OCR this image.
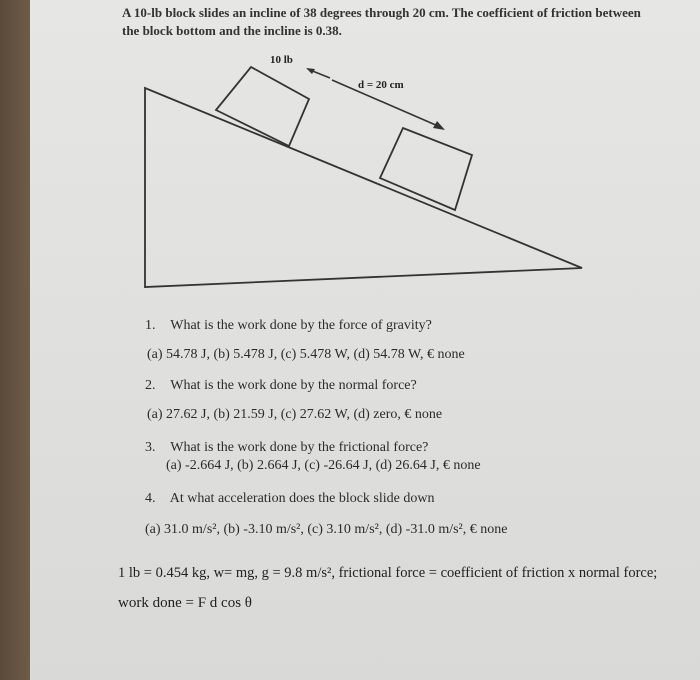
A 10-lb block slides an incline of 38 degrees through 20 cm. The coefficient of friction between the block bottom and the incline is 0.38.
10 lb
d = 20 cm
1. What is the work done by the force of gravity?
(a) 54.78 J, (b) 5.478 J, (c) 5.478 W, (d) 54.78 W, € none
2. What is the work done by the normal force?
(a) 27.62 J, (b) 21.59 J, (c) 27.62 W, (d) zero, € none
3. What is the work done by the frictional force?
(a) -2.664 J, (b) 2.664 J, (c) -26.64 J, (d) 26.64 J, € none
4. At what acceleration does the block slide down
(a) 31.0 m/s², (b) -3.10 m/s², (c) 3.10 m/s², (d) -31.0 m/s², € none
1 lb = 0.454 kg, w= mg, g = 9.8 m/s², frictional force = coefficient of friction x normal force;
work done = F d cos θ
